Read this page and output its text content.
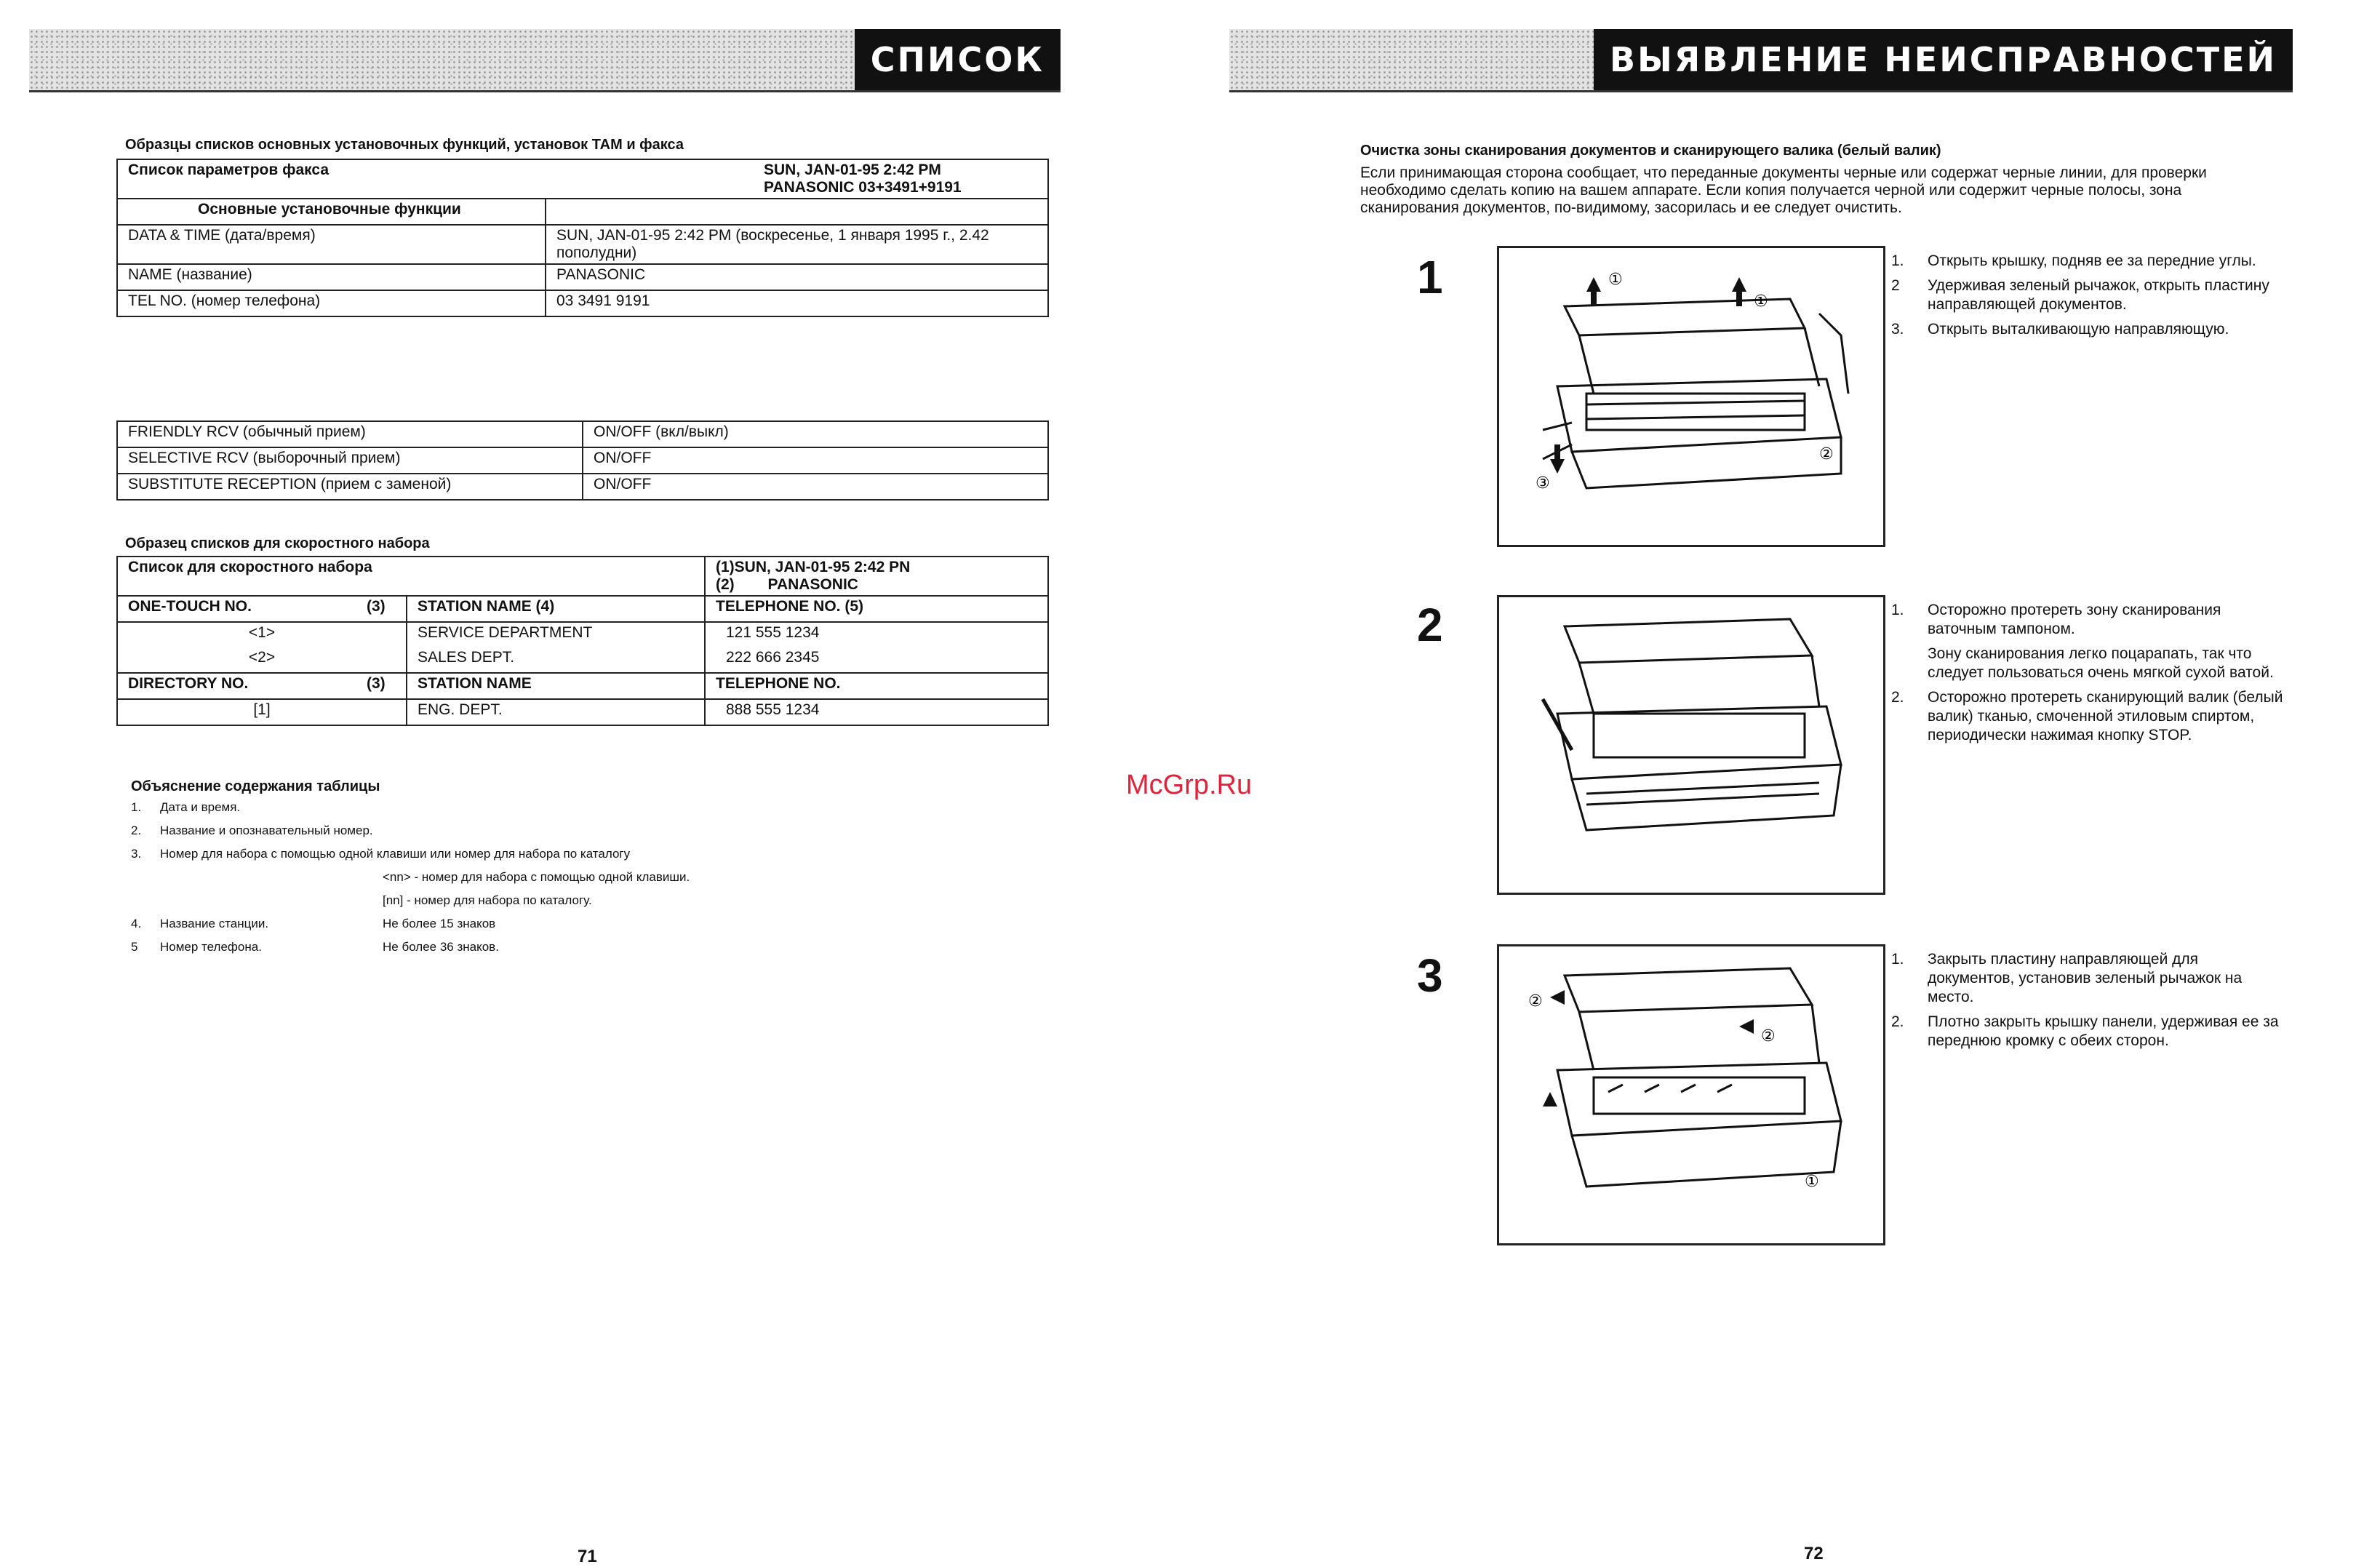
СПИСОК
Образцы списков основных установочных функций, установок ТАМ и факса
Список параметров факса	SUN, JAN-01-95 2:42 PM
PANASONIC 03+3491+9191

Основные установочные функции	
DATA & TIME (дата/время)	SUN, JAN-01-95 2:42 PM (воскресенье, 1 января 1995 г., 2.42 пополудни)
NAME (название)	PANASONIC
TEL NO. (номер телефона)	03 3491 9191
FRIENDLY RCV (обычный прием)	ON/OFF (вкл/выкл)
SELECTIVE RCV (выборочный прием)	ON/OFF
SUBSTITUTE RECEPTION (прием с заменой)	ON/OFF
Образец списков для скоростного набора
Список для скоростного набора			(1)SUN, JAN-01-95 2:42 PN
(2) PANASONIC

ONE-TOUCH NO.	(3)	STATION NAME (4)	TELEPHONE NO. (5)
<1>		SERVICE DEPARTMENT	121 555 1234
<2>		SALES DEPT.	222 666 2345
DIRECTORY NO.	(3)	STATION NAME	TELEPHONE NO.
[1]		ENG. DEPT.	888 555 1234
Объяснение содержания таблицы
1. Дата и время.
2. Название и опознавательный номер.
3. Номер для набора с помощью одной клавиши или номер для набора по каталогу
<nn> - номер для набора с помощью одной клавиши.
[nn] - номер для набора по каталогу.
4. Название станции.	Не более 15 знаков
5 Номер телефона.	Не более 36 знаков.
71
McGrp.Ru
ВЫЯВЛЕНИЕ НЕИСПРАВНОСТЕЙ
Очистка зоны сканирования документов и сканирующего валика (белый валик)
Если принимающая сторона сообщает, что переданные документы черные или содержат черные линии, для проверки необходимо сделать копию на вашем аппарате. Если копия получается черной или содержит черные полосы, зона сканирования документов, по-видимому, засорилась и ее следует очистить.
1	①
①
②
③
1.	Открыть крышку, подняв ее за передние углы.
2	Удерживая зеленый рычажок, открыть пластину направляющей документов.
3.	Открыть выталкивающую направляющую.
2	1.	Осторожно протереть зону сканирования ваточным тампоном.
Зону сканирования легко поцарапать, так что следует пользоваться очень мягкой сухой ватой.
2.	Осторожно протереть сканирующий валик (белый валик) тканью, смоченной этиловым спиртом, периодически нажимая кнопку STOP.
3	②
②
①
1.	Закрыть пластину направляющей для документов, установив зеленый рычажок на место.
2.	Плотно закрыть крышку панели, удерживая ее за переднюю кромку с обеих сторон.
72
